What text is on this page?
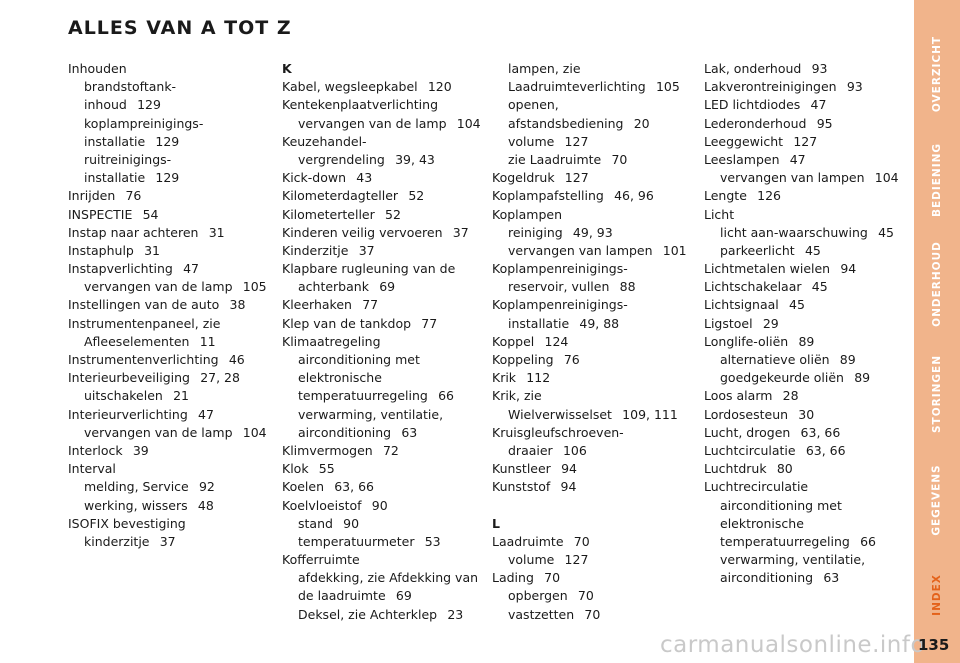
ALLES VAN A TOT Z
Inhouden
brandstoftank-
inhoud  129
koplampreinigings-
installatie  129
ruitreinigings-
installatie  129
Inrijden  76
INSPECTIE  54
Instap naar achteren  31
Instaphulp  31
Instapverlichting  47
vervangen van de lamp  105
Instellingen van de auto  38
Instrumentenpaneel, zie
Afleeselementen  11
Instrumentenverlichting  46
Interieurbeveiliging  27, 28
uitschakelen  21
Interieurverlichting  47
vervangen van de lamp  104
Interlock  39
Interval
melding, Service  92
werking, wissers  48
ISOFIX bevestiging
kinderzitje  37
K
Kabel, wegsleepkabel  120
Kentekenplaatverlichting
vervangen van de lamp  104
Keuzehandel-
vergrendeling  39, 43
Kick-down  43
Kilometerdagteller  52
Kilometerteller  52
Kinderen veilig vervoeren  37
Kinderzitje  37
Klapbare rugleuning van de
achterbank  69
Kleerhaken  77
Klep van de tankdop  77
Klimaatregeling
airconditioning met
elektronische
temperatuurregeling  66
verwarming, ventilatie,
airconditioning  63
Klimvermogen  72
Klok  55
Koelen  63, 66
Koelvloeistof  90
stand  90
temperatuurmeter  53
Kofferruimte
afdekking, zie Afdekking van
de laadruimte  69
Deksel, zie Achterklep  23
lampen, zie
Laadruimteverlichting  105
openen,
afstandsbediening  20
volume  127
zie Laadruimte  70
Kogeldruk  127
Koplampafstelling  46, 96
Koplampen
reiniging  49, 93
vervangen van lampen  101
Koplampenreinigings-
reservoir, vullen  88
Koplampenreinigings-
installatie  49, 88
Koppel  124
Koppeling  76
Krik  112
Krik, zie
Wielverwisselset  109, 111
Kruisgleufschroeven-
draaier  106
Kunstleer  94
Kunststof  94
L
Laadruimte  70
volume  127
Lading  70
opbergen  70
vastzetten  70
Lak, onderhoud  93
Lakverontreinigingen  93
LED lichtdiodes  47
Lederonderhoud  95
Leeggewicht  127
Leeslampen  47
vervangen van lampen  104
Lengte  126
Licht
licht aan-waarschuwing  45
parkeerlicht  45
Lichtmetalen wielen  94
Lichtschakelaar  45
Lichtsignaal  45
Ligstoel  29
Longlife-oliën  89
alternatieve oliën  89
goedgekeurde oliën  89
Loos alarm  28
Lordosesteun  30
Lucht, drogen  63, 66
Luchtcirculatie  63, 66
Luchtdruk  80
Luchtrecirculatie
airconditioning met
elektronische
temperatuurregeling  66
verwarming, ventilatie,
airconditioning  63
OVERZICHT
BEDIENING
ONDERHOUD
STORINGEN
GEGEVENS
INDEX
carmanualsonline.info
135
